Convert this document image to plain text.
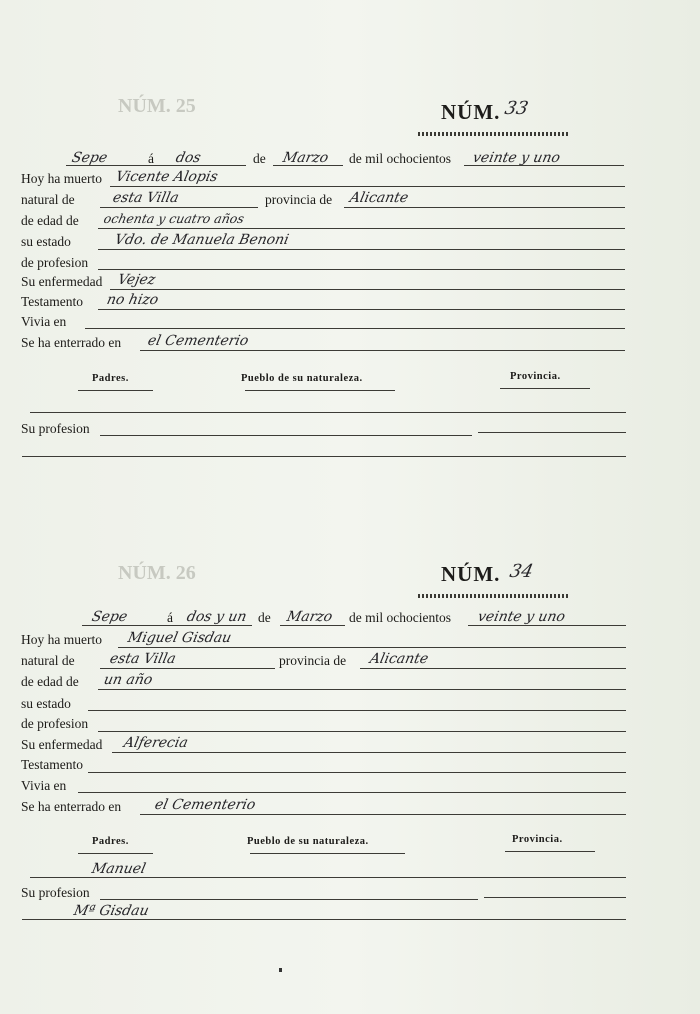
NÚM. 25
NÚM. 26
NÚM. 33
Sepe	á dos	de Marzo de mil ochocientos veinte y uno
Hoy ha muerto Vicente Alopis
natural de	esta Villa	provincia de Alicante
de edad de ochenta y cuatro años
su estado	Vdo. de Manuela Benoni
de profesion
Su enfermedad Vejez
Testamento no hizo
Vivia en
Se ha enterrado en el Cementerio
Padres.	Pueblo de su naturaleza.	Provincia.
Su profesion
NÚM. 34
Sepe	á dos y un de Marzo de mil ochocientos veinte y uno
Hoy ha muerto Miguel Gisdau
natural de esta Villa	provincia de Alicante
de edad de un año
su estado
de profesion
Su enfermedad Alferecia
Testamento
Vivia en
Se ha enterrado en el Cementerio
Padres.	Pueblo de su naturaleza.	Provincia.
Manuel
Su profesion
Mª Gisdau
